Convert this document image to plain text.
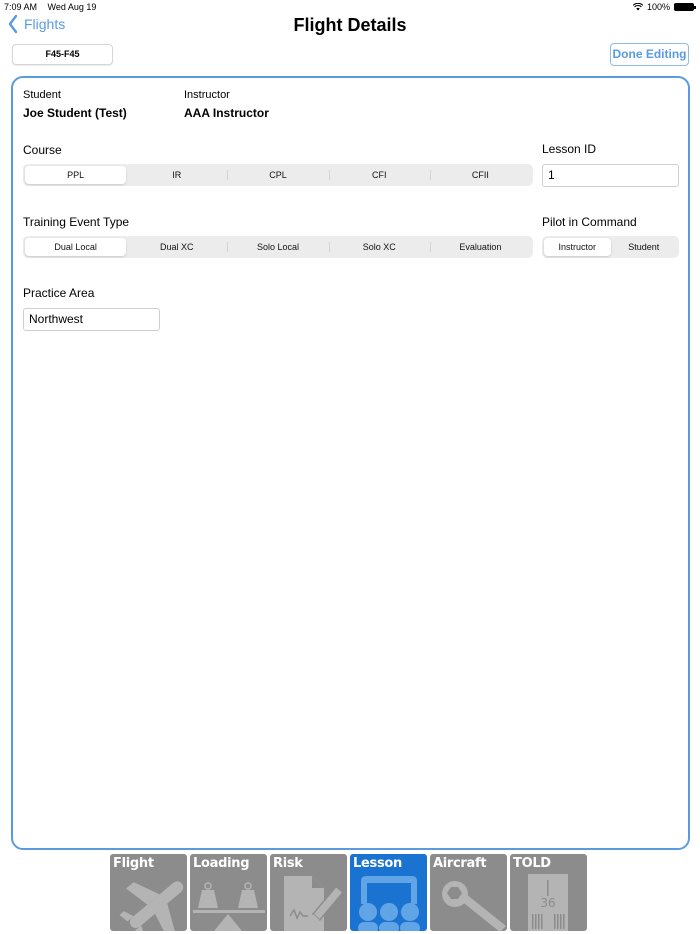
7:09 AM Wed Aug 19	100%
Flights	Flight Details
F45-F45	Done Editing
Student
Joe Student (Test)
Instructor
AAA Instructor
Course
PPL	IR	CPL	CFI	CFII
Lesson ID
1
Training Event Type
Dual Local	Dual XC	Solo Local	Solo XC	Evaluation
Pilot in Command
Instructor	Student
Practice Area
Northwest
Flight	Loading Risk	Lesson Aircraft
36
TOLD
